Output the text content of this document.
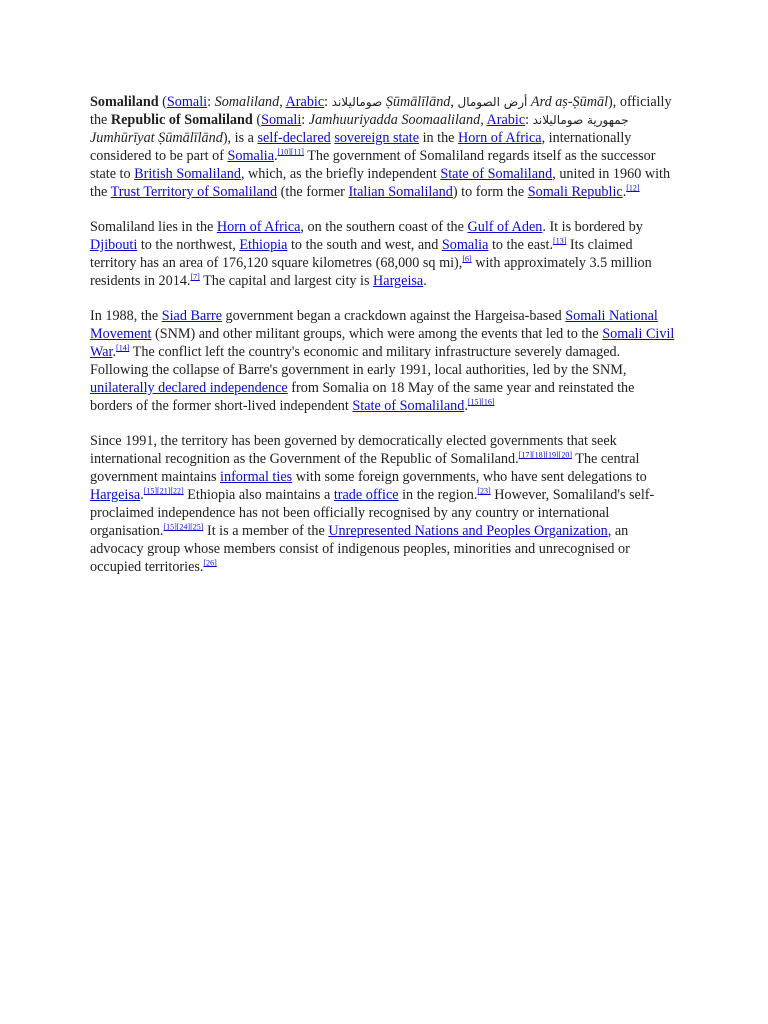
Somaliland (Somali: Somaliland, Arabic: صوماليلاند Ṣūmālīlānd, أرض الصومال Ard aṣ-Ṣūmāl), officially the Republic of Somaliland (Somali: Jamhuuriyadda Soomaaliland, Arabic: جمهورية صوماليلاند Jumhūrīyat Ṣūmālīlānd), is a self-declared sovereign state in the Horn of Africa, internationally considered to be part of Somalia.[10][11] The government of Somaliland regards itself as the successor state to British Somaliland, which, as the briefly independent State of Somaliland, united in 1960 with the Trust Territory of Somaliland (the former Italian Somaliland) to form the Somali Republic.[12]

Somaliland lies in the Horn of Africa, on the southern coast of the Gulf of Aden. It is bordered by Djibouti to the northwest, Ethiopia to the south and west, and Somalia to the east.[13] Its claimed territory has an area of 176,120 square kilometres (68,000 sq mi),[6] with approximately 3.5 million residents in 2014.[7] The capital and largest city is Hargeisa.

In 1988, the Siad Barre government began a crackdown against the Hargeisa-based Somali National Movement (SNM) and other militant groups, which were among the events that led to the Somali Civil War.[14] The conflict left the country's economic and military infrastructure severely damaged. Following the collapse of Barre's government in early 1991, local authorities, led by the SNM, unilaterally declared independence from Somalia on 18 May of the same year and reinstated the borders of the former short-lived independent State of Somaliland.[15][16]

Since 1991, the territory has been governed by democratically elected governments that seek international recognition as the Government of the Republic of Somaliland.[17][18][19][20] The central government maintains informal ties with some foreign governments, who have sent delegations to Hargeisa.[15][21][22] Ethiopia also maintains a trade office in the region.[23] However, Somaliland's self-proclaimed independence has not been officially recognised by any country or international organisation.[15][24][25] It is a member of the Unrepresented Nations and Peoples Organization, an advocacy group whose members consist of indigenous peoples, minorities and unrecognised or occupied territories.[26]
